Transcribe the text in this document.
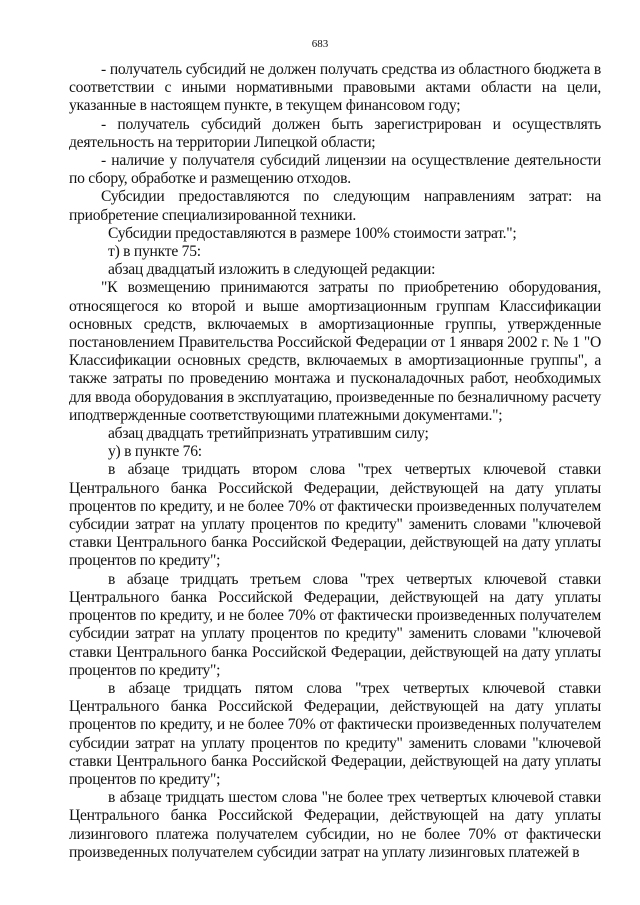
683

- получатель субсидий не должен получать средства из областного бюджета в соответствии с иными нормативными правовыми актами области на цели, указанные в настоящем пункте, в текущем финансовом году;

- получатель субсидий должен быть зарегистрирован и осуществлять деятельность на территории Липецкой области;

- наличие у получателя субсидий лицензии на осуществление деятельности по сбору, обработке и размещению отходов.

Субсидии предоставляются по следующим направлениям затрат: на приобретение специализированной техники.

Субсидии предоставляются в размере 100% стоимости затрат.";

т) в пункте 75:

абзац двадцатый изложить в следующей редакции:

"К возмещению принимаются затраты по приобретению оборудования, относящегося ко второй и выше амортизационным группам Классификации основных средств, включаемых в амортизационные группы, утвержденные постановлением Правительства Российской Федерации от 1 января 2002 г. № 1 "О Классификации основных средств, включаемых в амортизационные группы", а также затраты по проведению монтажа и пусконаладочных работ, необходимых для ввода оборудования в эксплуатацию, произведенные по безналичному расчету иподтвержденные соответствующими платежными документами.";

абзац двадцать третийпризнать утратившим силу;

у) в пункте 76:

в абзаце тридцать втором слова "трех четвертых ключевой ставки Центрального банка Российской Федерации, действующей на дату уплаты процентов по кредиту, и не более 70% от фактически произведенных получателем субсидии затрат на уплату процентов по кредиту" заменить словами "ключевой ставки Центрального банка Российской Федерации, действующей на дату уплаты процентов по кредиту";

в абзаце тридцать третьем слова "трех четвертых ключевой ставки Центрального банка Российской Федерации, действующей на дату уплаты процентов по кредиту, и не более 70% от фактически произведенных получателем субсидии затрат на уплату процентов по кредиту" заменить словами "ключевой ставки Центрального банка Российской Федерации, действующей на дату уплаты процентов по кредиту";

в абзаце тридцать пятом слова "трех четвертых ключевой ставки Центрального банка Российской Федерации, действующей на дату уплаты процентов по кредиту, и не более 70% от фактически произведенных получателем субсидии затрат на уплату процентов по кредиту" заменить словами "ключевой ставки Центрального банка Российской Федерации, действующей на дату уплаты процентов по кредиту";

в абзаце тридцать шестом слова "не более трех четвертых ключевой ставки Центрального банка Российской Федерации, действующей на дату уплаты лизингового платежа получателем субсидии, но не более 70% от фактически произведенных получателем субсидии затрат на уплату лизинговых платежей в
